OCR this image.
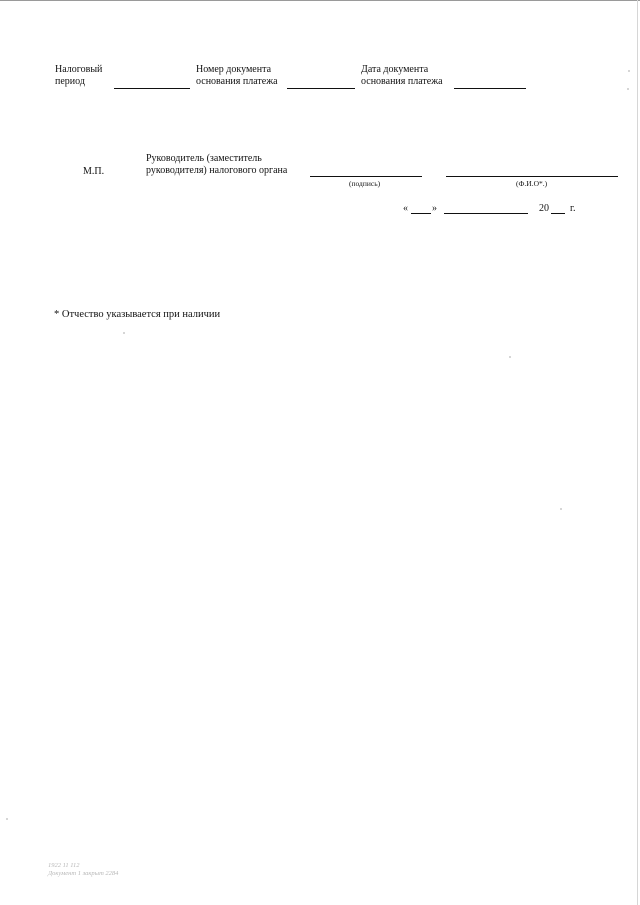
Налоговый
период
Номер документа
основания платежа
Дата документа
основания платежа
М.П.
Руководитель (заместитель
руководителя) налогового органа
(подпись)	(Ф.И.О*.)
« »	20 г.
* Отчество указывается при наличии
1922 11 112
Документ 1 закрыт 2284
